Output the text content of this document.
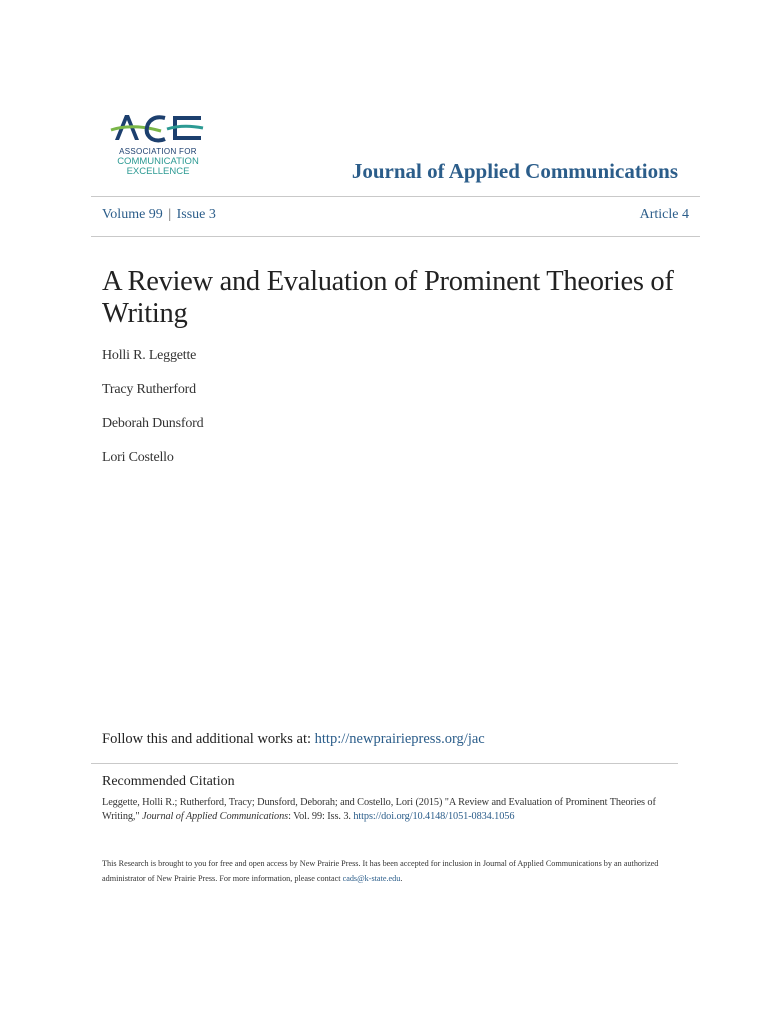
ASSOCIATION FOR
COMMUNICATION
EXCELLENCE	Journal of Applied Communications
Volume 99 | Issue 3	Article 4
A Review and Evaluation of Prominent Theories of Writing
Holli R. Leggette
Tracy Rutherford
Deborah Dunsford
Lori Costello
Follow this and additional works at: http://newprairiepress.org/jac
Recommended Citation
Leggette, Holli R.; Rutherford, Tracy; Dunsford, Deborah; and Costello, Lori (2015) "A Review and Evaluation of Prominent Theories of Writing," Journal of Applied Communications: Vol. 99: Iss. 3. https://doi.org/10.4148/1051-0834.1056
This Research is brought to you for free and open access by New Prairie Press. It has been accepted for inclusion in Journal of Applied Communications by an authorized administrator of New Prairie Press. For more information, please contact cads@k-state.edu.
